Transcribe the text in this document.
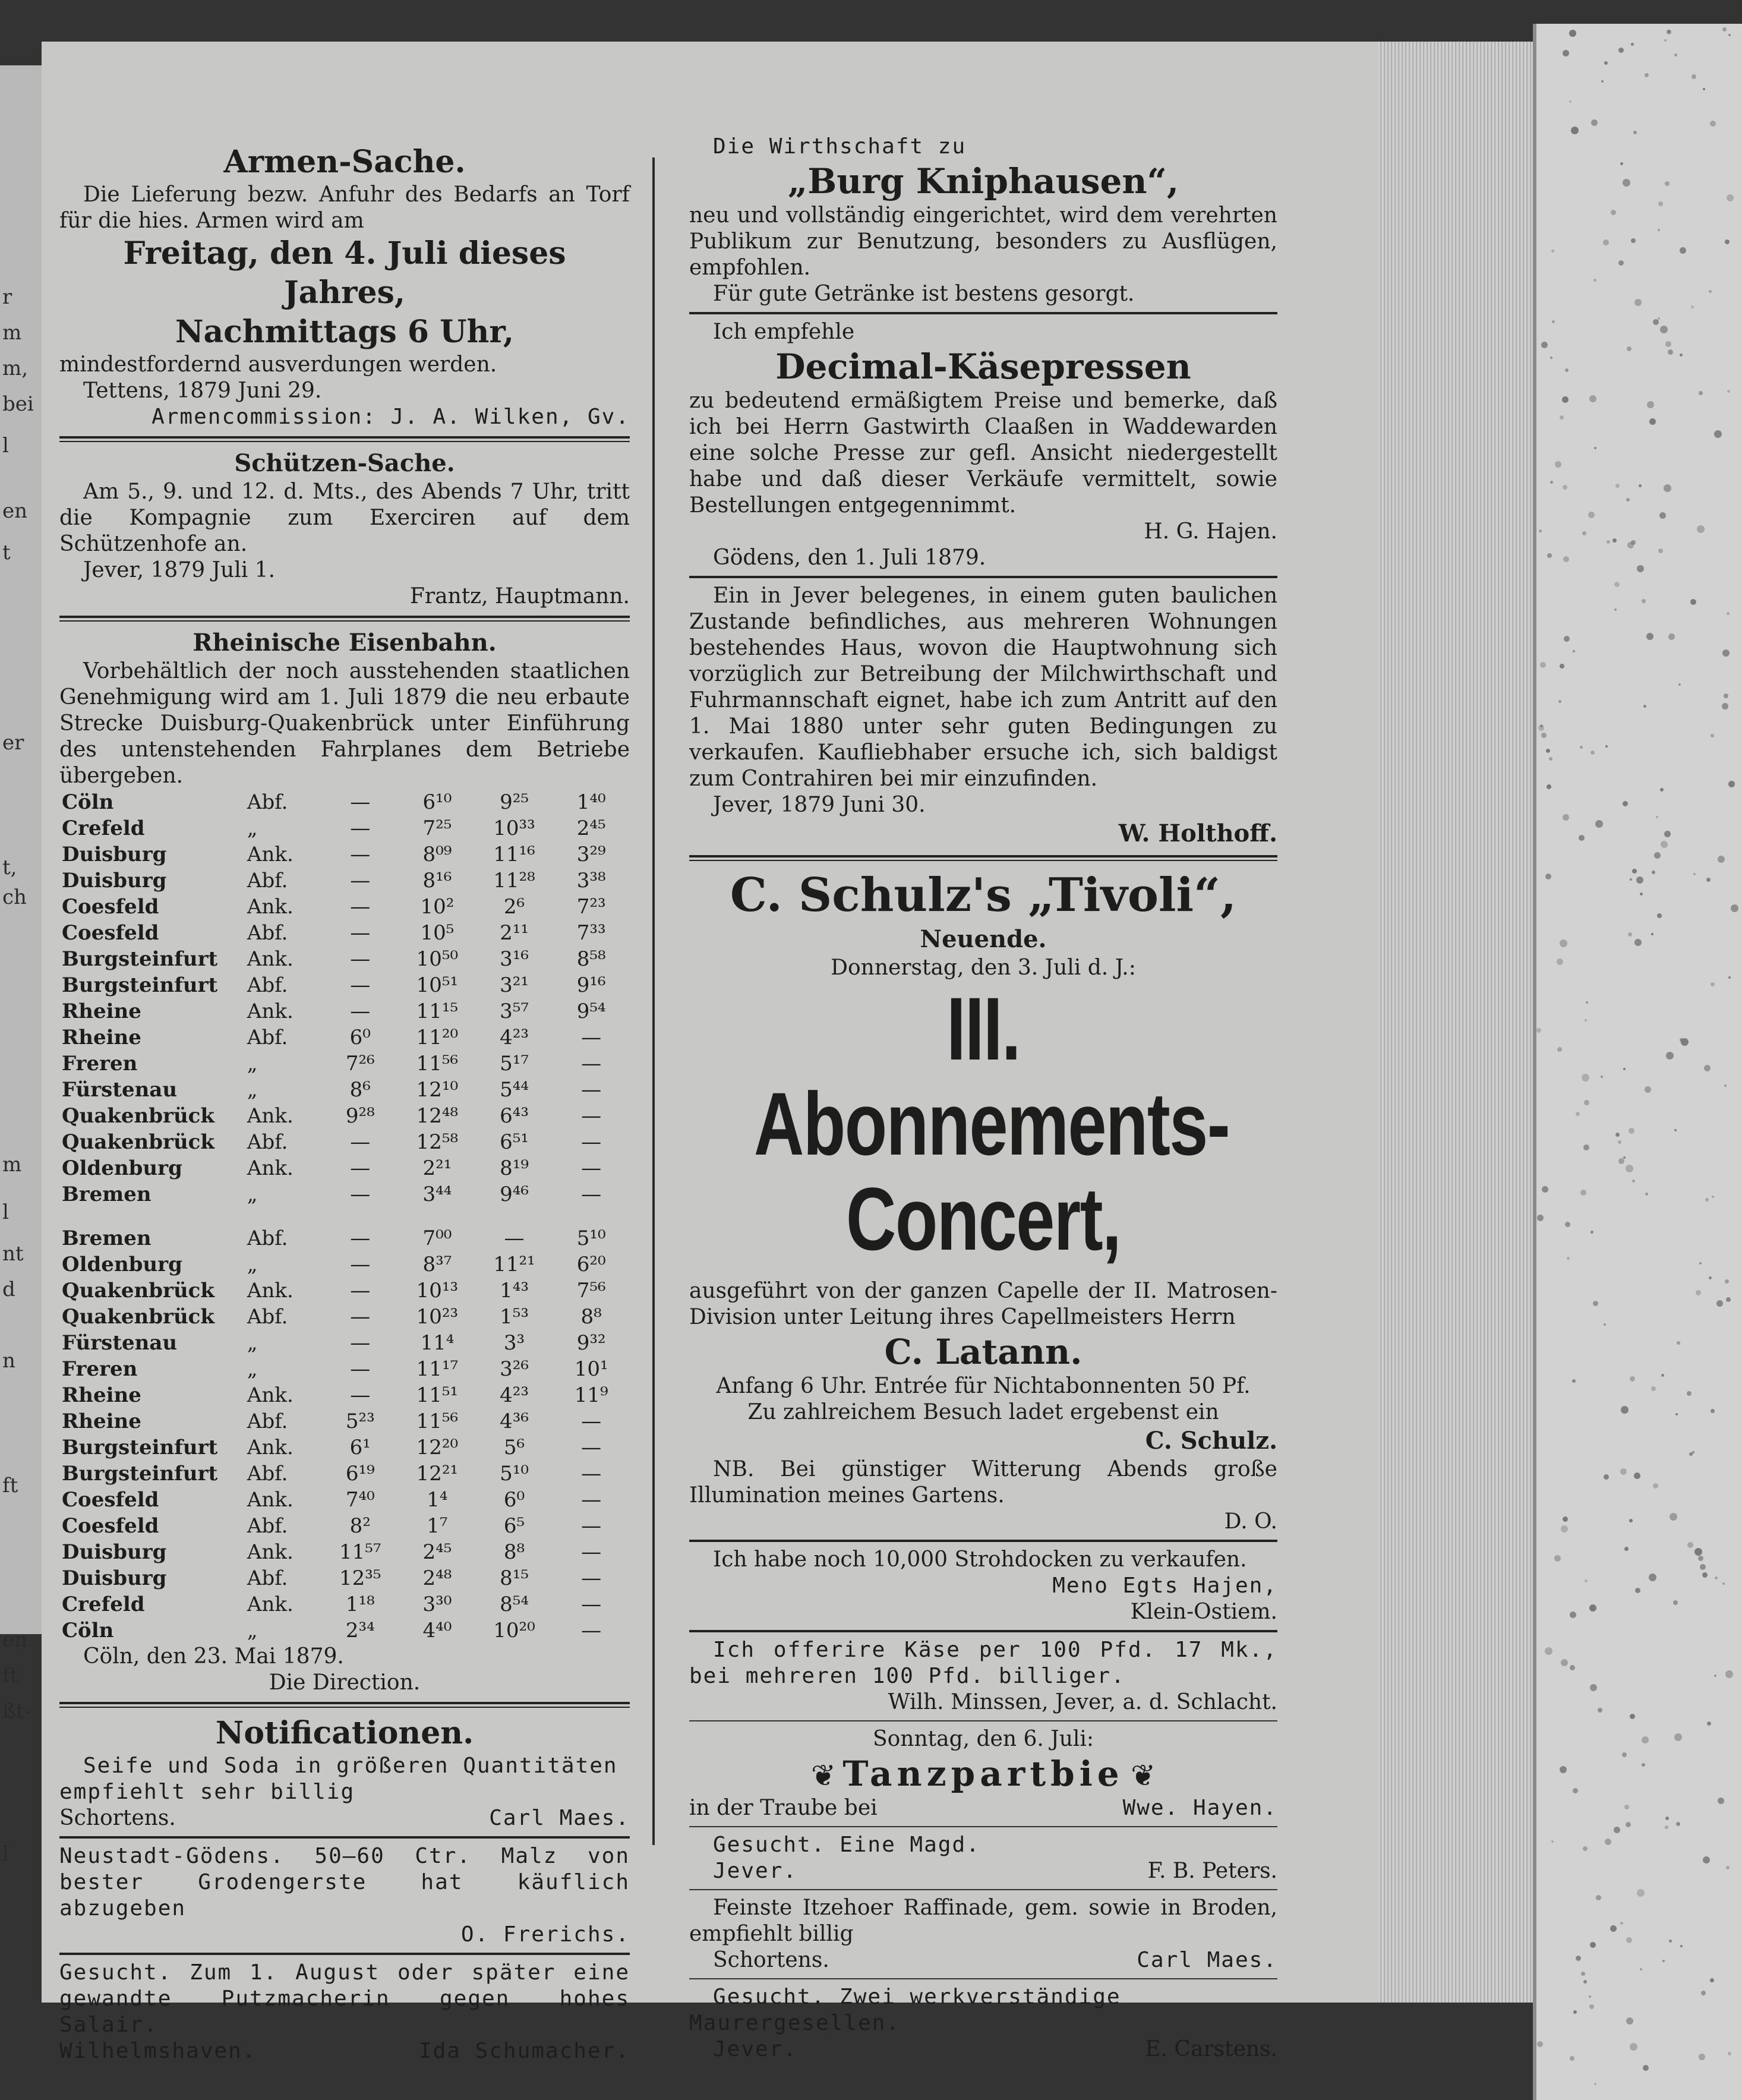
r
m
m,
bei
l
en
t
er
t,
ch
m
l
nt
d
n
ft
en
ft
ßt-
l

Armen-Sache.

Die Lieferung bezw. Anfuhr des Bedarfs an Torf für die hies. Armen wird am

Freitag, den 4. Juli dieses Jahres,

Nachmittags 6 Uhr,

mindestfordernd ausverdungen werden.

Tettens, 1879 Juni 29.

Armencommission: J. A. Wilken, Gv.

Schützen-Sache.

Am 5., 9. und 12. d. Mts., des Abends 7 Uhr, tritt die Kompagnie zum Exerciren auf dem Schützenhofe an.

Jever, 1879 Juli 1.

Frantz, Hauptmann.

Rheinische Eisenbahn.

Vorbehältlich der noch ausstehenden staatlichen Genehmigung wird am 1. Juli 1879 die neu erbaute Strecke Duisburg-Quakenbrück unter Einführung des untenstehenden Fahrplanes dem Betriebe übergeben.

Cöln	Abf.	—	6¹⁰	9²⁵	1⁴⁰
Crefeld	„	—	7²⁵	10³³	2⁴⁵
Duisburg	Ank.	—	8⁰⁹	11¹⁶	3²⁹
Duisburg	Abf.	—	8¹⁶	11²⁸	3³⁸
Coesfeld	Ank.	—	10²	2⁶	7²³
Coesfeld	Abf.	—	10⁵	2¹¹	7³³
Burgsteinfurt	Ank.	—	10⁵⁰	3¹⁶	8⁵⁸
Burgsteinfurt	Abf.	—	10⁵¹	3²¹	9¹⁶
Rheine	Ank.	—	11¹⁵	3⁵⁷	9⁵⁴
Rheine	Abf.	6⁰	11²⁰	4²³	—
Freren	„	7²⁶	11⁵⁶	5¹⁷	—
Fürstenau	„	8⁶	12¹⁰	5⁴⁴	—
Quakenbrück	Ank.	9²⁸	12⁴⁸	6⁴³	—
Quakenbrück	Abf.	—	12⁵⁸	6⁵¹	—
Oldenburg	Ank.	—	2²¹	8¹⁹	—
Bremen	„	—	3⁴⁴	9⁴⁶	—
Bremen	Abf.	—	7⁰⁰	—	5¹⁰
Oldenburg	„	—	8³⁷	11²¹	6²⁰
Quakenbrück	Ank.	—	10¹³	1⁴³	7⁵⁶
Quakenbrück	Abf.	—	10²³	1⁵³	8⁸
Fürstenau	„	—	11⁴	3³	9³²
Freren	„	—	11¹⁷	3²⁶	10¹
Rheine	Ank.	—	11⁵¹	4²³	11⁹
Rheine	Abf.	5²³	11⁵⁶	4³⁶	—
Burgsteinfurt	Ank.	6¹	12²⁰	5⁶	—
Burgsteinfurt	Abf.	6¹⁹	12²¹	5¹⁰	—
Coesfeld	Ank.	7⁴⁰	1⁴	6⁰	—
Coesfeld	Abf.	8²	1⁷	6⁵	—
Duisburg	Ank.	11⁵⁷	2⁴⁵	8⁸	—
Duisburg	Abf.	12³⁵	2⁴⁸	8¹⁵	—
Crefeld	Ank.	1¹⁸	3³⁰	8⁵⁴	—
Cöln	„	2³⁴	4⁴⁰	10²⁰	—

Cöln, den 23. Mai 1879.

Die Direction.

Notificationen.

Seife und Soda in größeren Quantitäten empfiehlt sehr billig

Schortens.	Carl Maes.

Neustadt-Gödens. 50—60 Ctr. Malz von bester Grodengerste hat käuflich abzugeben

O. Frerichs.

Gesucht. Zum 1. August oder später eine gewandte Putzmacherin gegen hohes Salair.

Wilhelmshaven.	Ida Schumacher.

Die Wirthschaft zu

„Burg Kniphausen“,

neu und vollständig eingerichtet, wird dem verehrten Publikum zur Benutzung, besonders zu Ausflügen, empfohlen.

Für gute Getränke ist bestens gesorgt.

Ich empfehle

Decimal-Käsepressen

zu bedeutend ermäßigtem Preise und bemerke, daß ich bei Herrn Gastwirth Claaßen in Waddewarden eine solche Presse zur gefl. Ansicht niedergestellt habe und daß dieser Verkäufe vermittelt, sowie Bestellungen entgegennimmt.

H. G. Hajen.

Gödens, den 1. Juli 1879.

Ein in Jever belegenes, in einem guten baulichen Zustande befindliches, aus mehreren Wohnungen bestehendes Haus, wovon die Hauptwohnung sich vorzüglich zur Betreibung der Milchwirthschaft und Fuhrmannschaft eignet, habe ich zum Antritt auf den 1. Mai 1880 unter sehr guten Bedingungen zu verkaufen. Kaufliebhaber ersuche ich, sich baldigst zum Contrahiren bei mir einzufinden.

Jever, 1879 Juni 30.

W. Holthoff.

C. Schulz's „Tivoli“,

Neuende.

Donnerstag, den 3. Juli d. J.:

III. Abonnements-

Concert,

ausgeführt von der ganzen Capelle der II. Matrosen-Division unter Leitung ihres Capellmeisters Herrn

C. Latann.

Anfang 6 Uhr. Entrée für Nichtabonnenten 50 Pf.

Zu zahlreichem Besuch ladet ergebenst ein

C. Schulz.

NB. Bei günstiger Witterung Abends große Illumination meines Gartens.

D. O.

Ich habe noch 10,000 Strohdocken zu verkaufen.

Meno Egts Hajen,

Klein-Ostiem.

Ich offerire Käse per 100 Pfd. 17 Mk., bei mehreren 100 Pfd. billiger.

Wilh. Minssen, Jever, a. d. Schlacht.

Sonntag, den 6. Juli:

❦ Tanzpartbie ❦

in der Traube bei	Wwe. Hayen.

Gesucht. Eine Magd.

Jever.	F. B. Peters.

Feinste Itzehoer Raffinade, gem. sowie in Broden, empfiehlt billig

Schortens.	Carl Maes.

Gesucht. Zwei werkverständige Maurergesellen.

Jever.	E. Carstens.
